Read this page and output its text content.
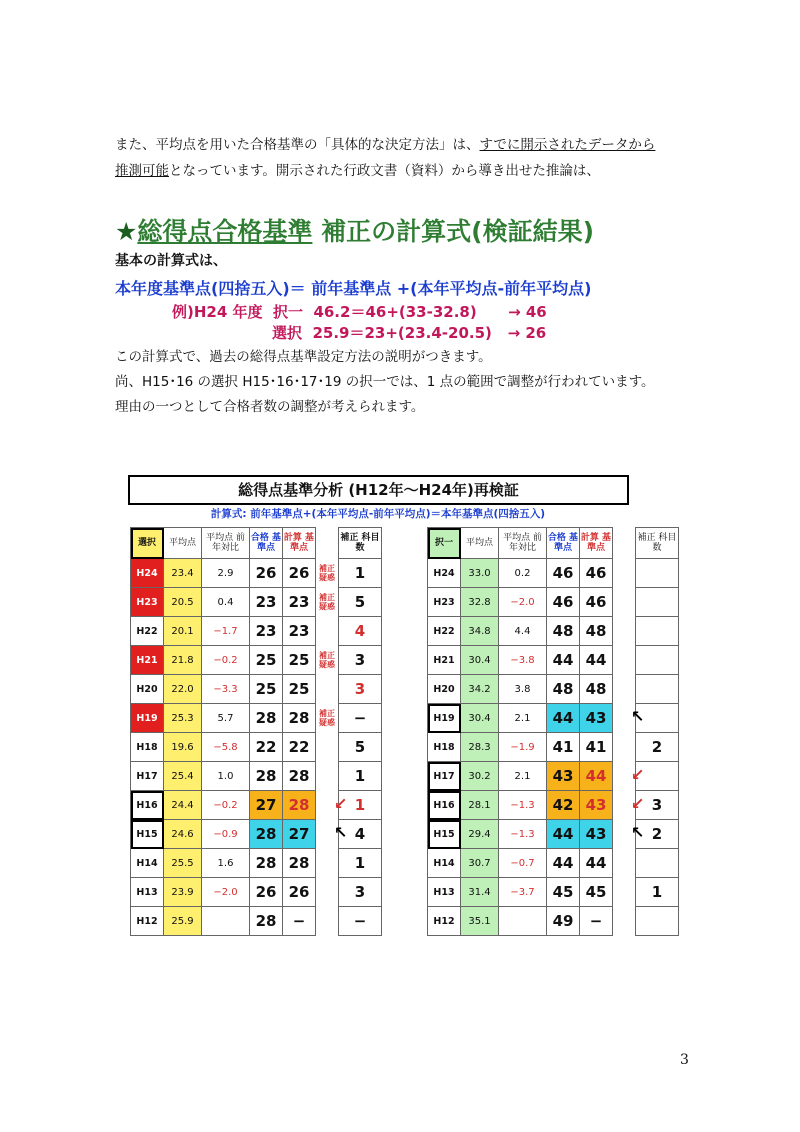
また、平均点を用いた合格基準の「具体的な決定方法」は、すでに開示されたデータから
推測可能となっています。開示された行政文書（資料）から導き出せた推論は、
★総得点合格基準 補正の計算式(検証結果)
基本の計算式は、
本年度基準点(四捨五入)＝ 前年基準点 +(本年平均点-前年平均点)
例)H24 年度 択一 46.2＝46+(33-32.8) → 46
選択 25.9＝23+(23.4-20.5) → 26
この計算式で、過去の総得点基準設定方法の説明がつきます。
尚、H15･16 の選択 H15･16･17･19 の択一では、1 点の範囲で調整が行われています。
理由の一つとして合格者数の調整が考えられます。
総得点基準分析 (H12年～H24年)再検証
計算式: 前年基準点+(本年平均点-前年平均点)＝本年基準点(四捨五入)
選択	平均点	平均点 前年対比	合格 基準点	計算 基準点		補正 科目数
H24	23.4	2.9	26	26	補正疑惑	1
H23	20.5	0.4	23	23	補正疑惑	5
H22	20.1	−1.7	23	23		4
H21	21.8	−0.2	25	25	補正疑惑	3
H20	22.0	−3.3	25	25		3
H19	25.3	5.7	28	28	補正疑惑	−
H18	19.6	−5.8	22	22		5
H17	25.4	1.0	28	28		1
H16	24.4	−0.2	27	28		1
H15	24.6	−0.9	28	27		4
H14	25.5	1.6	28	28		1
H13	23.9	−2.0	26	26		3
H12	25.9		28	−		−
択一	平均点	平均点 前年対比	合格 基準点	計算 基準点		補正 科目数
H24	33.0	0.2	46	46		
H23	32.8	−2.0	46	46		
H22	34.8	4.4	48	48		
H21	30.4	−3.8	44	44		
H20	34.2	3.8	48	48		
H19	30.4	2.1	44	43		
H18	28.3	−1.9	41	41		2
H17	30.2	2.1	43	44		
H16	28.1	−1.3	42	43		3
H15	29.4	−1.3	44	43		2
H14	30.7	−0.7	44	44		
H13	31.4	−3.7	45	45		1
H12	35.1		49	−		
↙
↖
↖
↙
↙
↖
3
